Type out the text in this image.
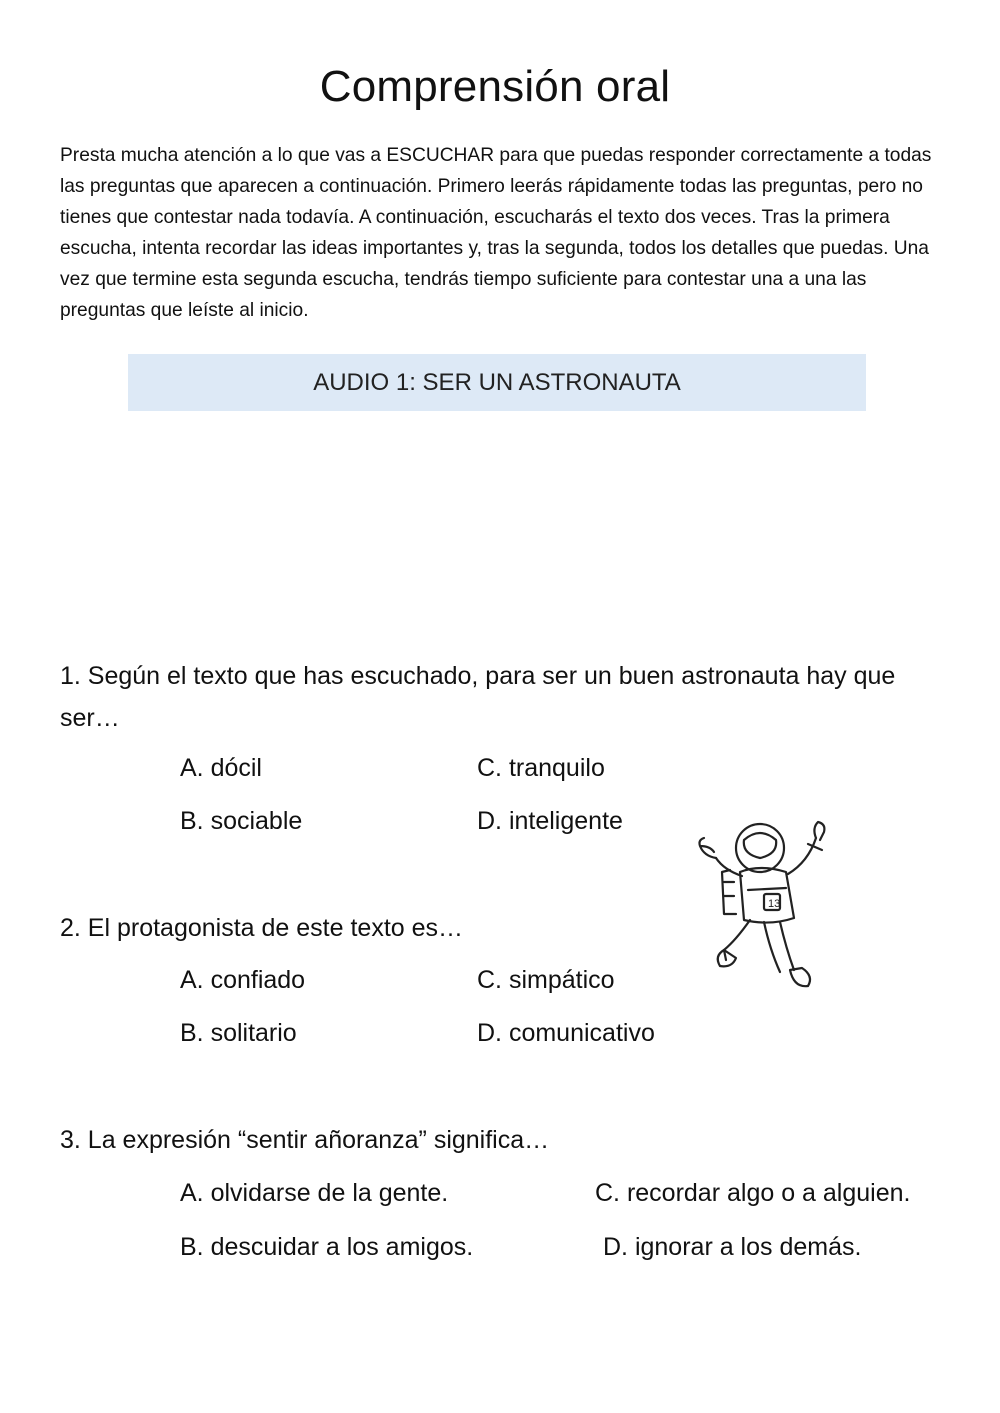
Comprensión oral

Presta mucha atención a lo que vas a ESCUCHAR para que puedas responder correctamente a todas las preguntas que aparecen a continuación. Primero leerás rápidamente todas las preguntas, pero no tienes que contestar nada todavía. A continuación, escucharás el texto dos veces. Tras la primera escucha, intenta recordar las ideas importantes y, tras la segunda, todos los detalles que puedas. Una vez que termine esta segunda escucha, tendrás tiempo suficiente para contestar una a una las preguntas que leíste al inicio.

AUDIO 1: SER UN ASTRONAUTA

1. Según el texto que has escuchado, para ser un buen astronauta hay que ser…

A. dócil	C. tranquilo
B. sociable	D. inteligente

2. El protagonista de este texto es…

A. confiado	C. simpático
B. solitario	D. comunicativo

3. La expresión “sentir añoranza” significa…

A. olvidarse de la gente.	C. recordar algo o a alguien.
B. descuidar a los amigos.	D. ignorar a los demás.
13
